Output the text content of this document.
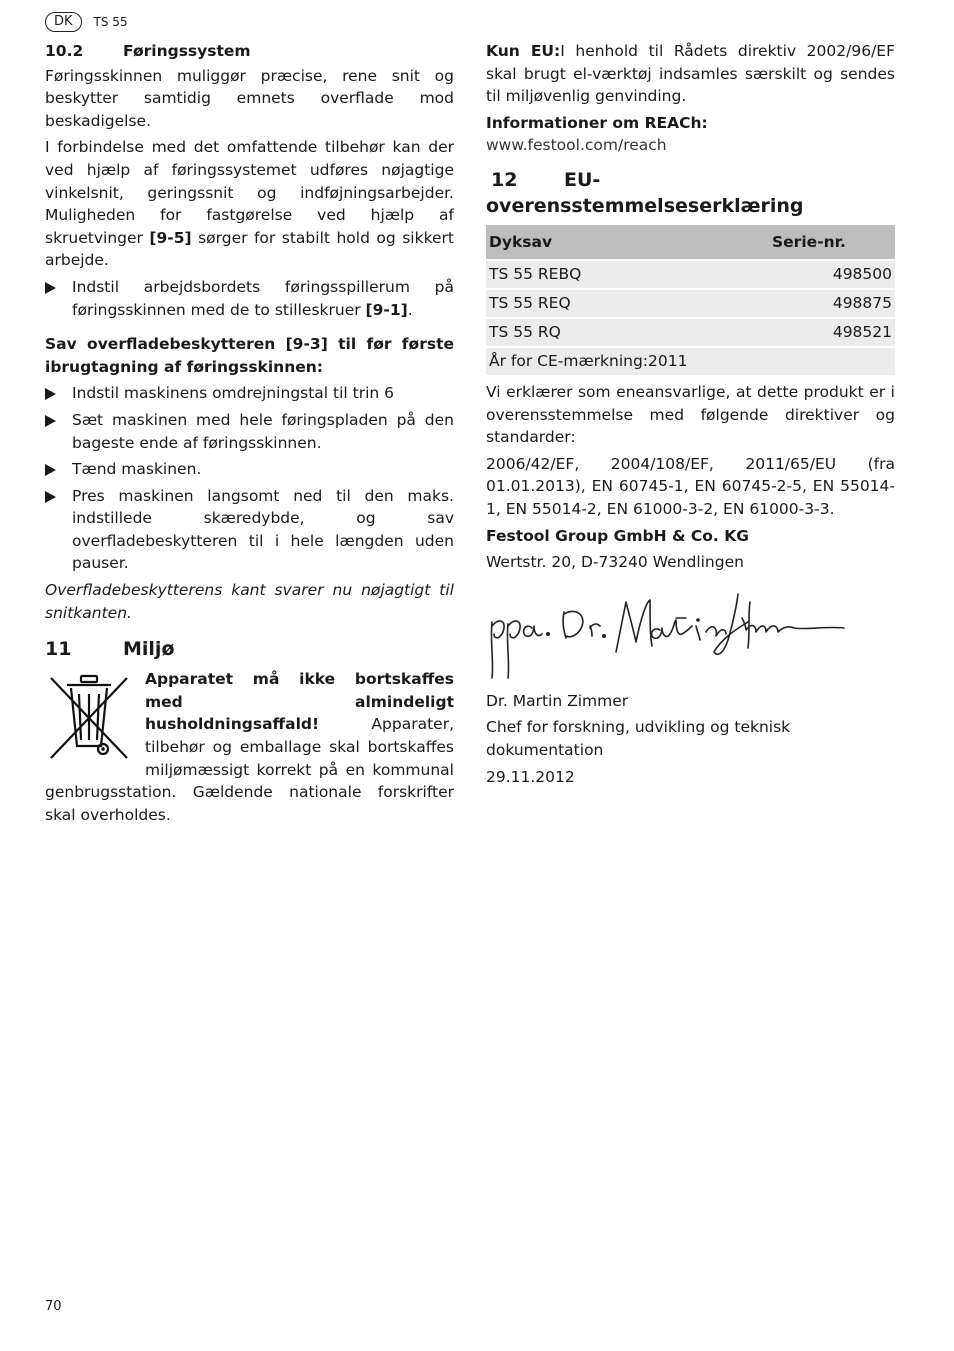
DK	TS 55
10.2	Føringssystem

Føringsskinnen muliggør præcise, rene snit og beskytter samtidig emnets overflade mod beskadigelse.

I forbindelse med det omfattende tilbehør kan der ved hjælp af føringssystemet udføres nøjagtige vinkelsnit, geringssnit og indføjningsarbejder. Muligheden for fastgørelse ved hjælp af skruetvinger [9-5] sørger for stabilt hold og sikkert arbejde.

Indstil arbejdsbordets føringsspillerum på føringsskinnen med de to stilleskruer [9-1].

Sav overfladebeskytteren [9-3] til før første ibrugtagning af føringsskinnen:

Indstil maskinens omdrejningstal til trin 6
Sæt maskinen med hele føringspladen på den bageste ende af føringsskinnen.
Tænd maskinen.
Pres maskinen langsomt ned til den maks. indstillede skæredybde, og sav overfladebeskytteren til i hele længden uden pauser.

Overfladebeskytterens kant svarer nu nøjagtigt til snitkanten.

11	Miljø

Apparatet må ikke bortskaffes med almindeligt husholdningsaffald! Apparater, tilbehør og emballage skal bortskaffes miljømæssigt korrekt på en kommunal genbrugsstation. Gældende nationale forskrifter skal overholdes.

Kun EU:I henhold til Rådets direktiv 2002/96/EF skal brugt el-værktøj indsamles særskilt og sendes til miljøvenlig genvinding.

Informationer om REACh:

www.festool.com/reach

12 EU-overensstemmelseserklæring
Dyksav	Serie-nr.
TS 55 REBQ	498500
TS 55 REQ	498875
TS 55 RQ	498521
År for CE-mærkning:2011	

Vi erklærer som eneansvarlige, at dette produkt er i overensstemmelse med følgende direktiver og standarder:

2006/42/EF, 2004/108/EF, 2011/65/EU (fra 01.01.2013), EN 60745-1, EN 60745-2-5, EN 55014-1, EN 55014-2, EN 61000-3-2, EN 61000-3-3.

Festool Group GmbH & Co. KG

Wertstr. 20, D-73240 Wendlingen

Dr. Martin Zimmer

Chef for forskning, udvikling og teknisk dokumentation

29.11.2012

70
